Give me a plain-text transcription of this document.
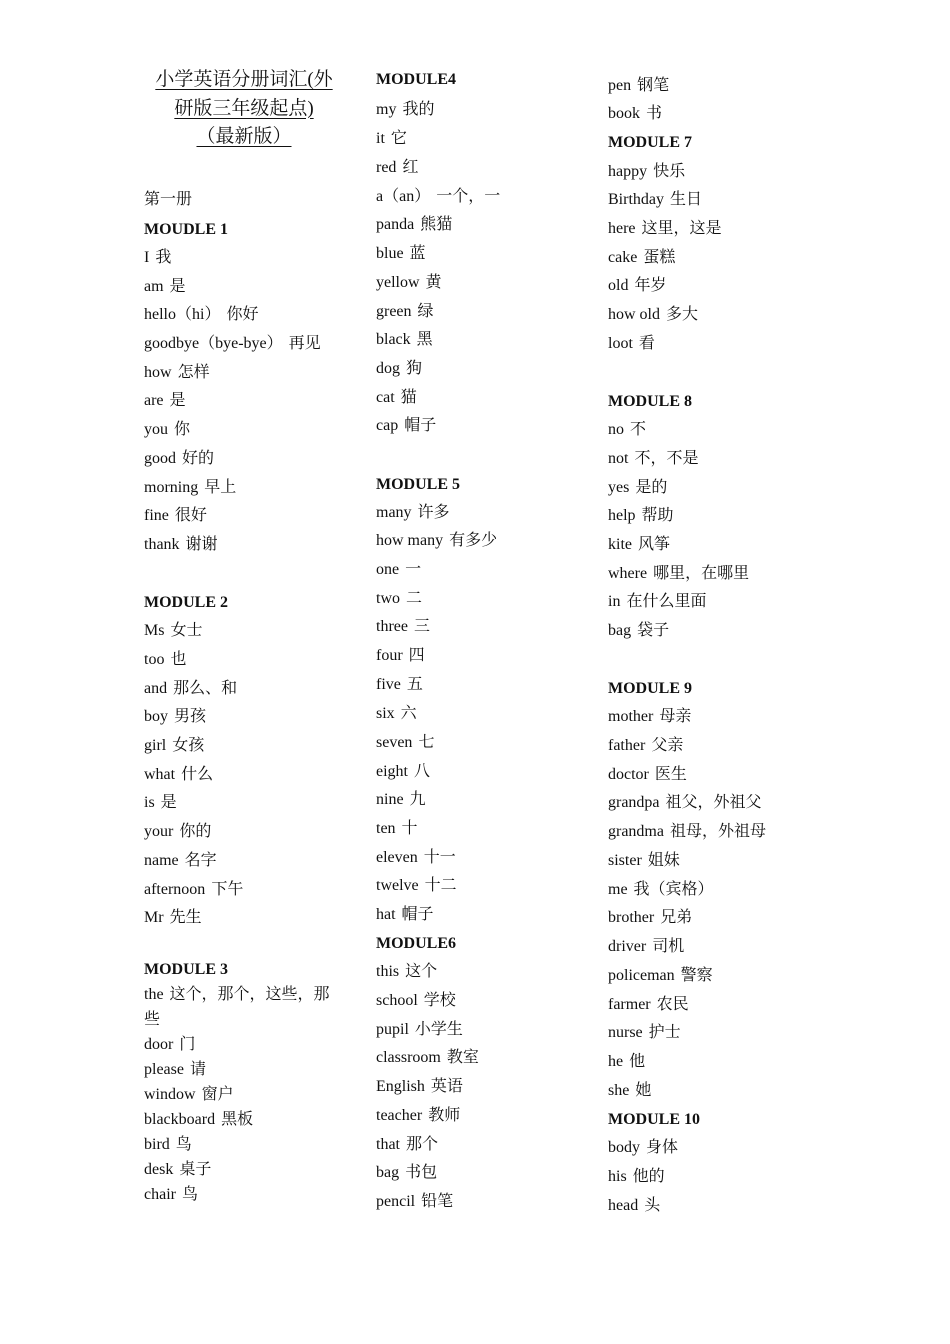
小学英语分册词汇(外
研版三年级起点)
（最新版）
第一册
MOUDLE 1
I 我
am 是
hello（hi） 你好
goodbye（bye-bye） 再见
how 怎样
are 是
you 你
good 好的
morning 早上
fine 很好
thank 谢谢
MODULE 2
Ms 女士
too 也
and 那么、和
boy 男孩
girl 女孩
what 什么
is 是
your 你的
name 名字
afternoon 下午
Mr 先生
MODULE 3
the 这个，那个，这些，那些
door 门
please 请
window 窗户
blackboard 黑板
bird 鸟
desk 桌子
chair 鸟
MODULE4
my 我的
it 它
red 红
a（an） 一个，一
panda 熊猫
blue 蓝
yellow 黄
green 绿
black 黑
dog 狗
cat 猫
cap 帽子
MODULE 5
many 许多
how many 有多少
one 一
two 二
three 三
four 四
five 五
six 六
seven 七
eight 八
nine 九
ten 十
eleven 十一
twelve 十二
hat 帽子
MODULE6
this 这个
school 学校
pupil 小学生
classroom 教室
English 英语
teacher 教师
that 那个
bag 书包
pencil 铅笔
pen 钢笔
book 书
MODULE 7
happy 快乐
Birthday 生日
here 这里，这是
cake 蛋糕
old 年岁
how old 多大
loot 看
MODULE 8
no 不
not 不，不是
yes 是的
help 帮助
kite 风筝
where 哪里，在哪里
in 在什么里面
bag 袋子
MODULE 9
mother 母亲
father 父亲
doctor 医生
grandpa 祖父，外祖父
grandma 祖母，外祖母
sister 姐妹
me 我（宾格）
brother 兄弟
driver 司机
policeman 警察
farmer 农民
nurse 护士
he 他
she 她
MODULE 10
body 身体
his 他的
head 头
